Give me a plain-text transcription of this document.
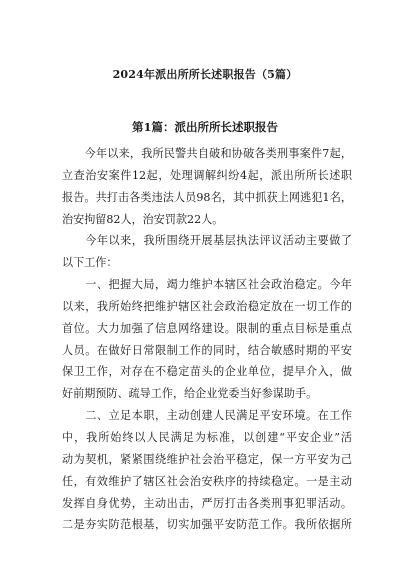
2024年派出所所长述职报告（5篇）
第1篇：派出所所长述职报告
　　今年以来，我所民警共自破和协破各类刑事案件7起，
立查治安案件12起，处理调解纠纷4起，派出所所长述职
报告。共打击各类违法人员98名，其中抓获上网逃犯1名，
治安拘留82人，治安罚款22人。
　　今年以来，我所围绕开展基层执法评议活动主要做了
以下工作：
　　一、把握大局，竭力维护本辖区社会政治稳定。今年
以来，我所始终把维护辖区社会政治稳定放在一切工作的
首位。大力加强了信息网络建设。限制的重点目标是重点
人员。在做好日常限制工作的同时，结合敏感时期的平安
保卫工作，对存在不稳定苗头的企业单位，提早介入，做
好前期预防、疏导工作，给企业党委当好参谋助手。
　　二、立足本职，主动创建人民满足平安环境。在工作
中，我所始终以人民满足为标准，以创建“平安企业”活
动为契机，紧紧围绕维护社会治平稳定，保一方平安为己
任，有效维护了辖区社会治安秩序的持续稳定。一是主动
发挥自身优势，主动出击，严厉打击各类刑事犯罪活动。
二是夯实防范根基，切实加强平安防范工作。我所依据所
